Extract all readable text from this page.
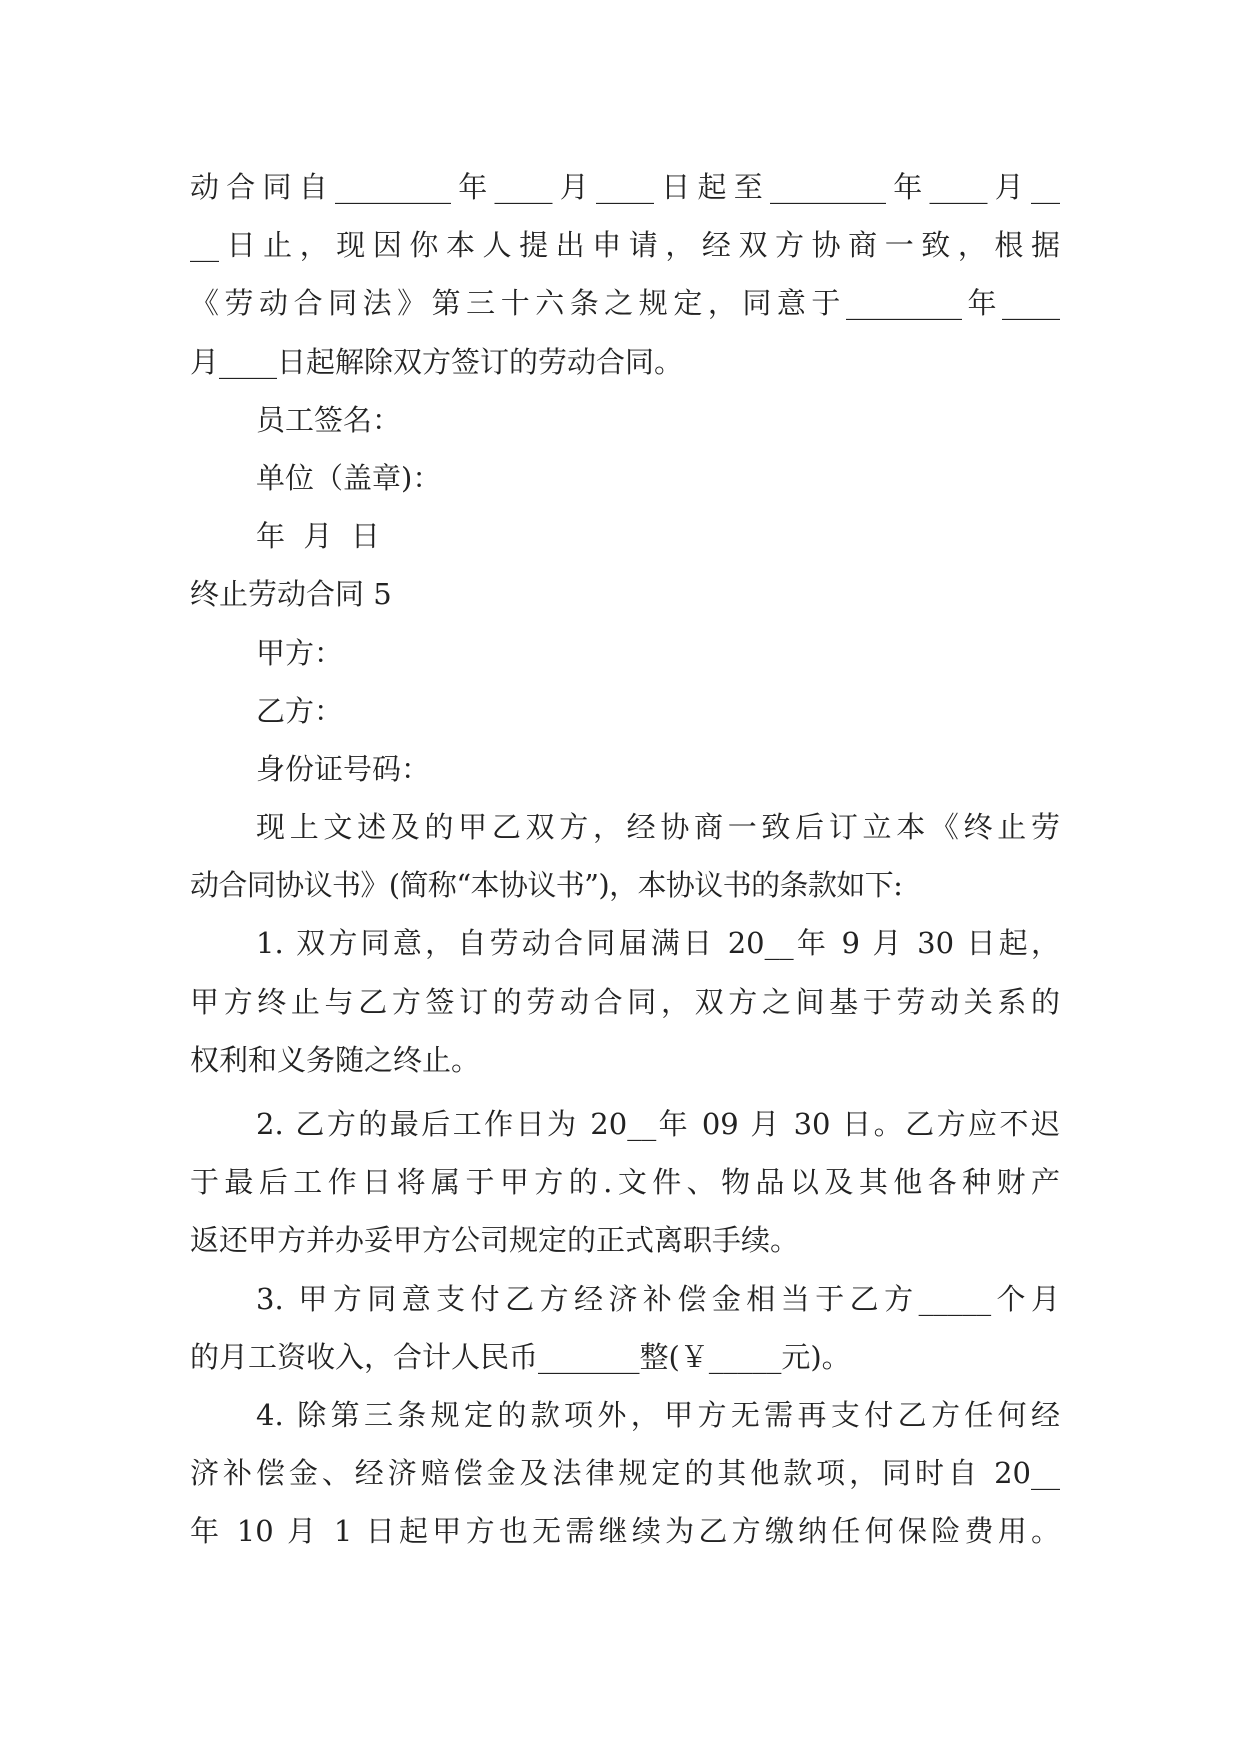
动合同自________年____月____日起至________年____月__
__日止，现因你本人提出申请，经双方协商一致，根据
《劳动合同法》第三十六条之规定，同意于________年____
月____日起解除双方签订的劳动合同。
员工签名：
单位（盖章)：
年  月  日
终止劳动合同 5
甲方：
乙方：
身份证号码：
现上文述及的甲乙双方，经协商一致后订立本《终止劳
动合同协议书》(简称“本协议书”)，本协议书的条款如下:
1. 双方同意，自劳动合同届满日 20__年 9 月 30 日起，
甲方终止与乙方签订的劳动合同，双方之间基于劳动关系的
权利和义务随之终止。
2. 乙方的最后工作日为 20__年 09 月 30 日。乙方应不迟
于最后工作日将属于甲方的.文件、物品以及其他各种财产
返还甲方并办妥甲方公司规定的正式离职手续。
3. 甲方同意支付乙方经济补偿金相当于乙方_____个月
的月工资收入，合计人民币_______整(￥_____元)。
4. 除第三条规定的款项外，甲方无需再支付乙方任何经
济补偿金、经济赔偿金及法律规定的其他款项，同时自 20__
年 10 月 1 日起甲方也无需继续为乙方缴纳任何保险费用。
